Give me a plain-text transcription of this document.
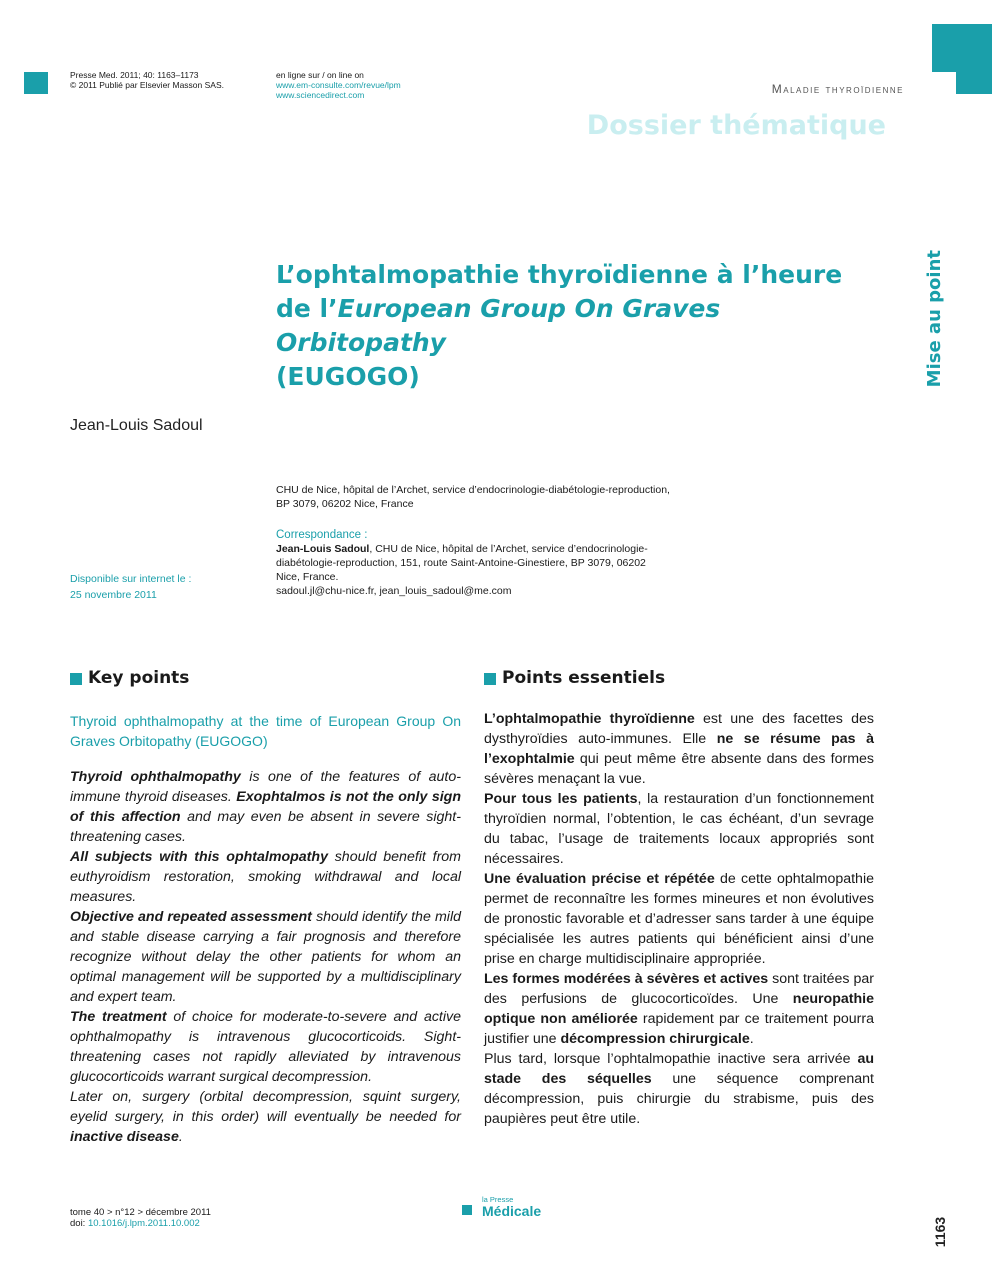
Presse Med. 2011; 40: 1163–1173
© 2011 Publié par Elsevier Masson SAS.
en ligne sur / on line on
www.em-consulte.com/revue/lpm
www.sciencedirect.com	Maladie thyroïdienne
Dossier thématique
Mise au point
L’ophtalmopathie thyroïdienne à l’heure de l’European Group On Graves Orbitopathy
(EUGOGO)
Jean-Louis Sadoul
CHU de Nice, hôpital de l’Archet, service d’endocrinologie-diabétologie-reproduction,
BP 3079, 06202 Nice, France
Correspondance :
Jean-Louis Sadoul, CHU de Nice, hôpital de l’Archet, service d’endocrinologie-
diabétologie-reproduction, 151, route Saint-Antoine-Ginestiere, BP 3079, 06202
Nice, France.
sadoul.jl@chu-nice.fr, jean_louis_sadoul@me.com
Disponible sur internet le :
25 novembre 2011
Key points
Thyroid ophthalmopathy at the time of European Group On Graves Orbitopathy (EUGOGO)

Thyroid ophthalmopathy is one of the features of auto-immune thyroid diseases. Exophtalmos is not the only sign of this affection and may even be absent in severe sight-threatening cases.

All subjects with this ophtalmopathy should benefit from euthyroidism restoration, smoking withdrawal and local measures.

Objective and repeated assessment should identify the mild and stable disease carrying a fair prognosis and therefore recognize without delay the other patients for whom an optimal management will be supported by a multidisciplinary and expert team.

The treatment of choice for moderate-to-severe and active ophthalmopathy is intravenous glucocorticoids. Sight-threatening cases not rapidly alleviated by intravenous glucocorticoids warrant surgical decompression.

Later on, surgery (orbital decompression, squint surgery, eyelid surgery, in this order) will eventually be needed for inactive disease.

Points essentiels

L’ophtalmopathie thyroïdienne est une des facettes des dysthyroïdies auto-immunes. Elle ne se résume pas à l’exophtalmie qui peut même être absente dans des formes sévères menaçant la vue.

Pour tous les patients, la restauration d’un fonctionnement thyroïdien normal, l’obtention, le cas échéant, d’un sevrage du tabac, l’usage de traitements locaux appropriés sont nécessaires.

Une évaluation précise et répétée de cette ophtalmopathie permet de reconnaître les formes mineures et non évolutives de pronostic favorable et d’adresser sans tarder à une équipe spécialisée les autres patients qui bénéficient ainsi d’une prise en charge multidisciplinaire appropriée.

Les formes modérées à sévères et actives sont traitées par des perfusions de glucocorticoïdes. Une neuropathie optique non améliorée rapidement par ce traitement pourra justifier une décompression chirurgicale.

Plus tard, lorsque l’ophtalmopathie inactive sera arrivée au stade des séquelles une séquence comprenant décompression, puis chirurgie du strabisme, puis des paupières peut être utile.

tome 40 > n°12 > décembre 2011
doi: 10.1016/j.lpm.2011.10.002
la Presse
Médicale
1163
